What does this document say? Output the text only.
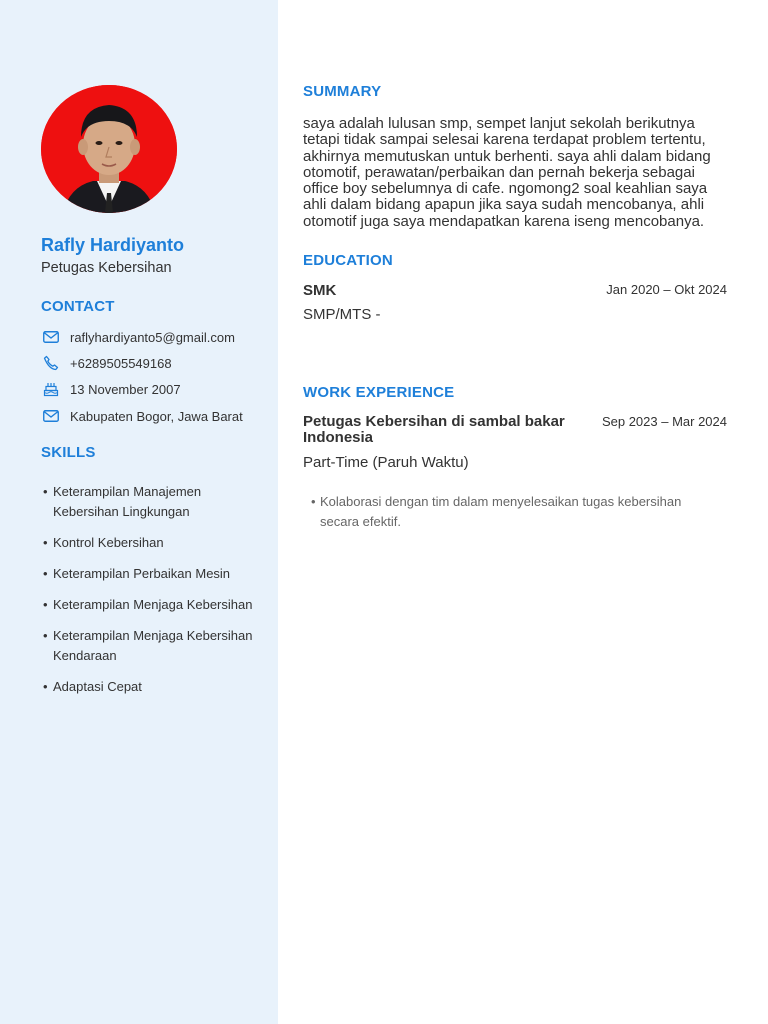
Rafly Hardiyanto
Petugas Kebersihan
CONTACT
raflyhardiyanto5@gmail.com
+6289505549168
13 November 2007
Kabupaten Bogor, Jawa Barat
SKILLS
• Keterampilan Manajemen Kebersihan Lingkungan
• Kontrol Kebersihan
• Keterampilan Perbaikan Mesin
• Keterampilan Menjaga Kebersihan
• Keterampilan Menjaga Kebersihan Kendaraan
• Adaptasi Cepat
SUMMARY

saya adalah lulusan smp, sempet lanjut sekolah berikutnya tetapi tidak sampai selesai karena terdapat problem tertentu, akhirnya memutuskan untuk berhenti. saya ahli dalam bidang otomotif, perawatan/perbaikan dan pernah bekerja sebagai office boy sebelumnya di cafe. ngomong2 soal keahlian saya ahli dalam bidang apapun jika saya sudah mencobanya, ahli otomotif juga saya mendapatkan karena iseng mencobanya.

EDUCATION
SMK	Jan 2020 – Okt 2024
SMP/MTS -
WORK EXPERIENCE
Petugas Kebersihan di sambal bakar Indonesia
Sep 2023 – Mar 2024
Part-Time (Paruh Waktu)
• Kolaborasi dengan tim dalam menyelesaikan tugas kebersihan secara efektif.
